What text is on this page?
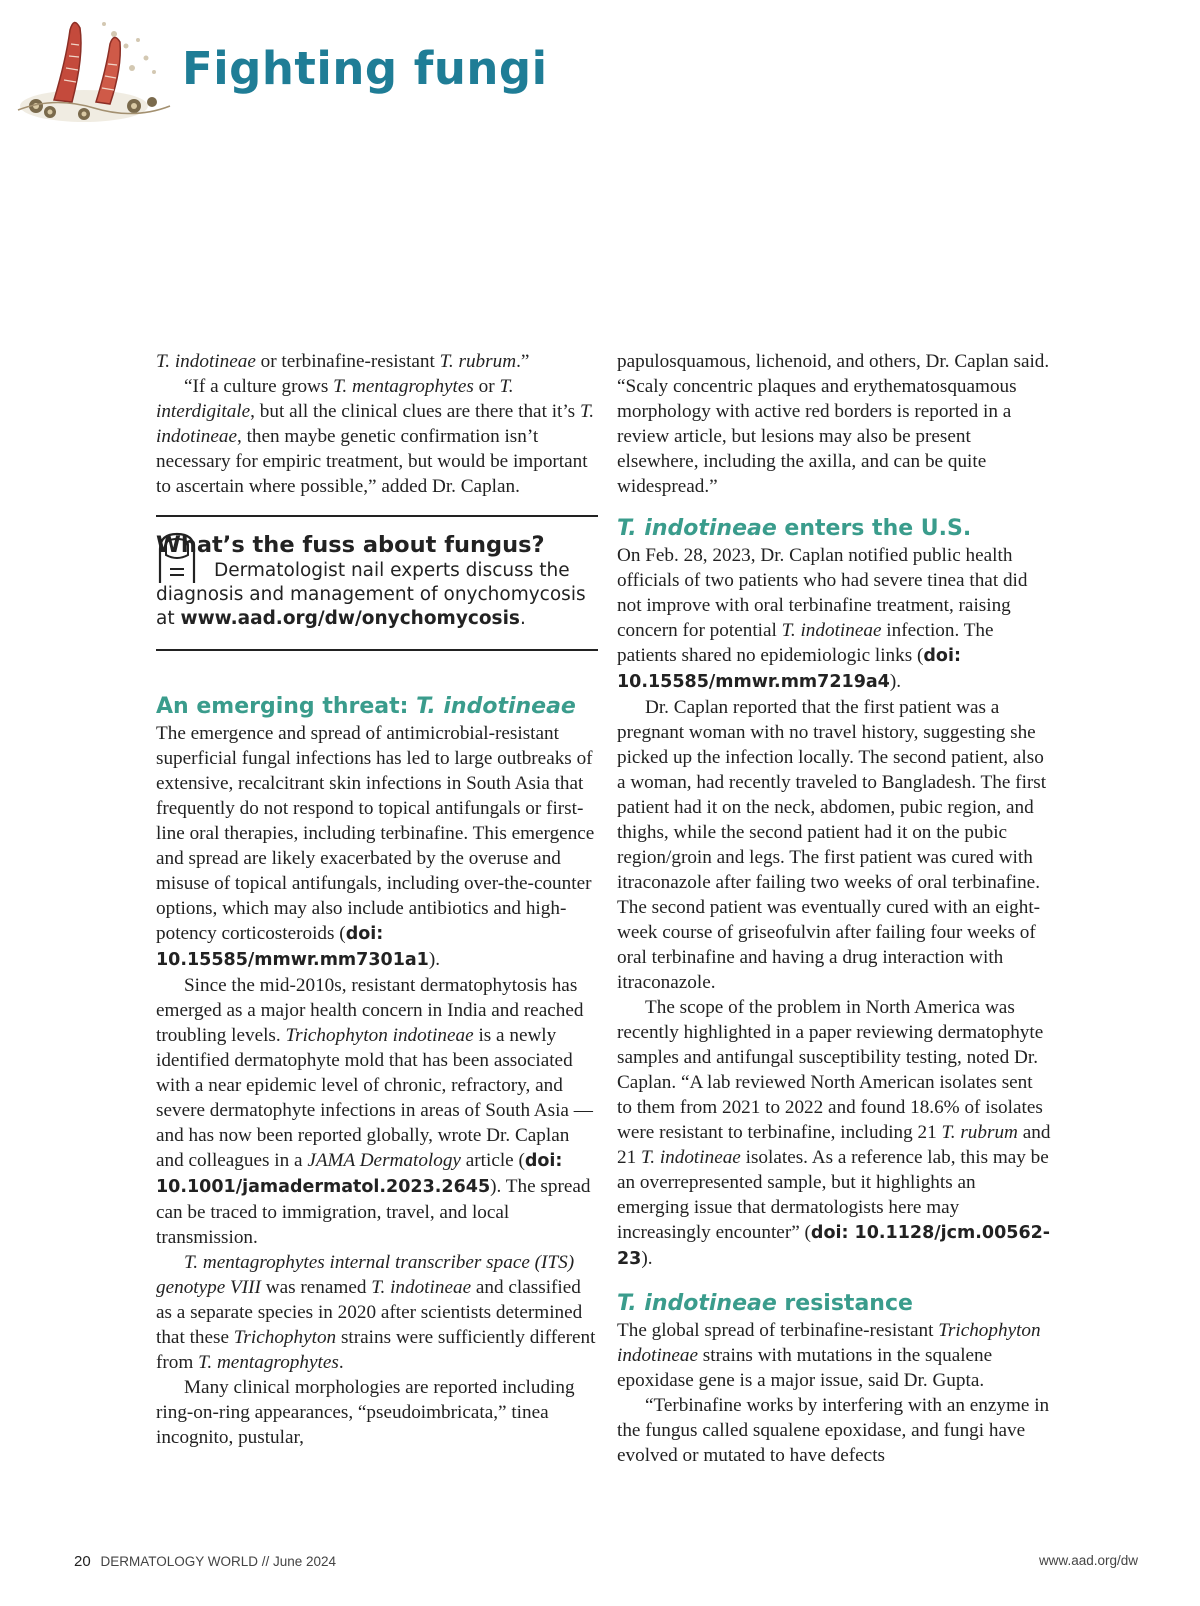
Fighting fungi

T. indotineae or terbinafine-resistant T. rubrum.”

“If a culture grows T. mentagrophytes or T. interdigitale, but all the clinical clues are there that it’s T. indotineae, then maybe genetic confirmation isn’t necessary for empiric treatment, but would be important to ascertain where possible,” added Dr. Caplan.

What’s the fuss about fungus?

Dermatologist nail experts discuss the diagnosis and management of onychomycosis at www.aad.org/dw/onychomycosis.

An emerging threat: T. indotineae

The emergence and spread of antimicrobial-resistant superficial fungal infections has led to large outbreaks of extensive, recalcitrant skin infections in South Asia that frequently do not respond to topical antifungals or first-line oral therapies, including terbinafine. This emergence and spread are likely exacerbated by the overuse and misuse of topical antifungals, including over-the-counter options, which may also include antibiotics and high-potency corticosteroids (doi: 10.15585/mmwr.mm7301a1).

Since the mid-2010s, resistant dermatophytosis has emerged as a major health concern in India and reached troubling levels. Trichophyton indotineae is a newly identified dermatophyte mold that has been associated with a near epidemic level of chronic, refractory, and severe dermatophyte infections in areas of South Asia — and has now been reported globally, wrote Dr. Caplan and colleagues in a JAMA Dermatology article (doi: 10.1001/jamadermatol.2023.2645). The spread can be traced to immigration, travel, and local transmission.

T. mentagrophytes internal transcriber space (ITS) genotype VIII was renamed T. indotineae and classified as a separate species in 2020 after scientists determined that these Trichophyton strains were sufficiently different from T. mentagrophytes.

Many clinical morphologies are reported including ring-on-ring appearances, “pseudoimbricata,” tinea incognito, pustular,

papulosquamous, lichenoid, and others, Dr. Caplan said. “Scaly concentric plaques and erythematosquamous morphology with active red borders is reported in a review article, but lesions may also be present elsewhere, including the axilla, and can be quite widespread.”

T. indotineae enters the U.S.

On Feb. 28, 2023, Dr. Caplan notified public health officials of two patients who had severe tinea that did not improve with oral terbinafine treatment, raising concern for potential T. indotineae infection. The patients shared no epidemiologic links (doi: 10.15585/mmwr.mm7219a4).

Dr. Caplan reported that the first patient was a pregnant woman with no travel history, suggesting she picked up the infection locally. The second patient, also a woman, had recently traveled to Bangladesh. The first patient had it on the neck, abdomen, pubic region, and thighs, while the second patient had it on the pubic region/groin and legs. The first patient was cured with itraconazole after failing two weeks of oral terbinafine. The second patient was eventually cured with an eight-week course of griseofulvin after failing four weeks of oral terbinafine and having a drug interaction with itraconazole.

The scope of the problem in North America was recently highlighted in a paper reviewing dermatophyte samples and antifungal susceptibility testing, noted Dr. Caplan. “A lab reviewed North American isolates sent to them from 2021 to 2022 and found 18.6% of isolates were resistant to terbinafine, including 21 T. rubrum and 21 T. indotineae isolates. As a reference lab, this may be an overrepresented sample, but it highlights an emerging issue that dermatologists here may increasingly encounter” (doi: 10.1128/jcm.00562-23).

T. indotineae resistance

The global spread of terbinafine-resistant Trichophyton indotineae strains with mutations in the squalene epoxidase gene is a major issue, said Dr. Gupta.

“Terbinafine works by interfering with an enzyme in the fungus called squalene epoxidase, and fungi have evolved or mutated to have defects

20 DERMATOLOGY WORLD // June 2024	www.aad.org/dw
